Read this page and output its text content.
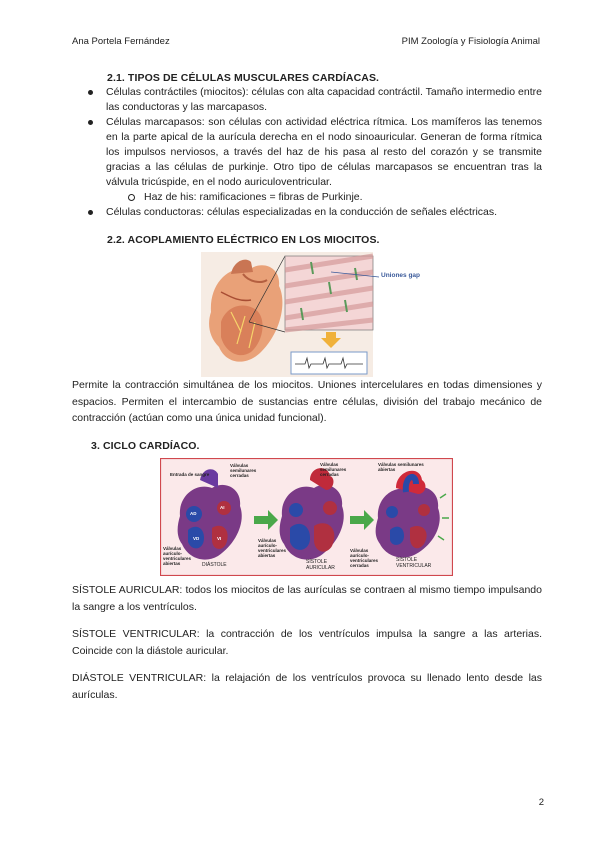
Ana Portela Fernández	PIM Zoología y Fisiología Animal
2.1. TIPOS DE CÉLULAS MUSCULARES CARDÍACAS.
Células contráctiles (miocitos): células con alta capacidad contráctil. Tamaño intermedio entre las conductoras y las marcapasos.
Células marcapasos: son células con actividad eléctrica rítmica. Los mamíferos las tenemos en la parte apical de la aurícula derecha en el nodo sinoauricular. Generan de forma rítmica los impulsos nerviosos, a través del haz de his pasa al resto del corazón y se transmite gracias a las células de purkinje. Otro tipo de células marcapasos se encuentran tras la válvula tricúspide, en el nodo auriculoventricular.
Haz de his: ramificaciones = fibras de Purkinje.
Células conductoras: células especializadas en la conducción de señales eléctricas.
2.2. ACOPLAMIENTO ELÉCTRICO EN LOS MIOCITOS.
Uniones gap

Permite la contracción simultánea de los miocitos. Uniones intercelulares en todas dimensiones y espacios. Permiten el intercambio de sustancias entre células, división del trabajo mecánico de contracción (actúan como una única unidad funcional).

3. CICLO CARDÍACO.
Entrada de sangre
Válvulas semilunares cerradas
Válvulas semilunares cerradas
Válvulas semilunares abiertas
Válvulas aurículo-ventriculares abiertas
Válvulas aurículo-ventriculares abiertas
Válvulas aurículo-ventriculares cerradas
AD
AI
VD	VI
DIÁSTOLE	SÍSTOLE AURICULAR
SÍSTOLE VENTRICULAR

SÍSTOLE AURICULAR: todos los miocitos de las aurículas se contraen al mismo tiempo impulsando la sangre a los ventrículos.

SÍSTOLE VENTRICULAR: la contracción de los ventrículos impulsa la sangre a las arterias. Coincide con la diástole auricular.

DIÁSTOLE VENTRICULAR: la relajación de los ventrículos provoca su llenado lento desde las aurículas.

2
